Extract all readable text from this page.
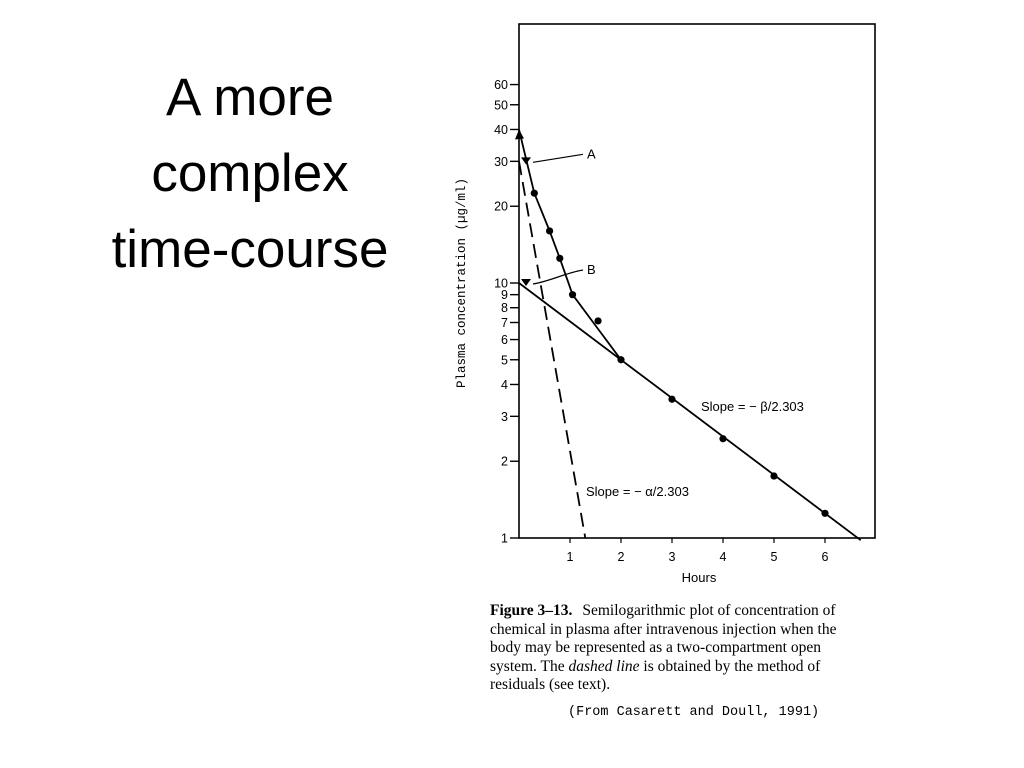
A more
complex
time-course
1
2
3
4
5
6
7
8
9
10
20
30
40
50
60
1	2	3	4	5	6
A
B
Hours
Plasma concentration (µg/ml)
Slope = − β/2.303
Slope = − α/2.303
Figure 3–13. Semilogarithmic plot of concentration of chemical in plasma after intravenous injection when the body may be represented as a two-compartment open system. The dashed line is obtained by the method of residuals (see text).
(From Casarett and Doull, 1991)
